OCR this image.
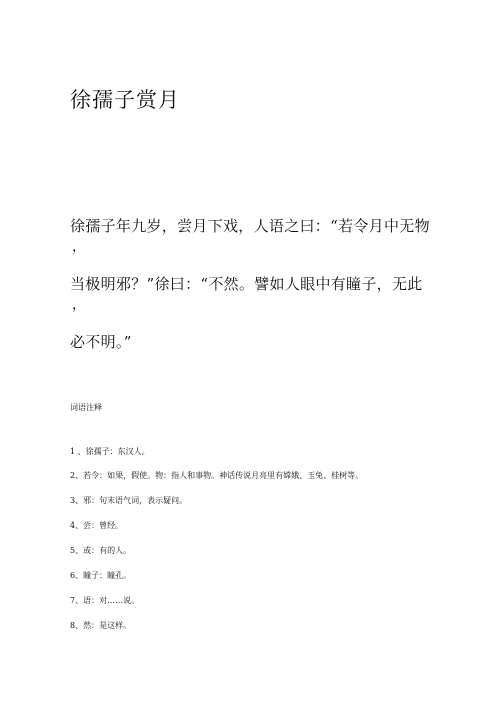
徐孺子赏月
徐孺子年九岁，尝月下戏，人语之曰：“若令月中无物
，
当极明邪？”徐曰：“不然。譬如人眼中有瞳子，无此
，
必不明。”
词语注释
1 、徐孺子：东汉人。
2、若令：如果，假使。物：指人和事物。神话传说月亮里有嫦娥、玉兔、桂树等。
3、邪：句末语气词，表示疑问。
4、尝：曾经。
5、或：有的人。
6、瞳子：瞳孔。
7、语：对……说。
8、然：是这样。
